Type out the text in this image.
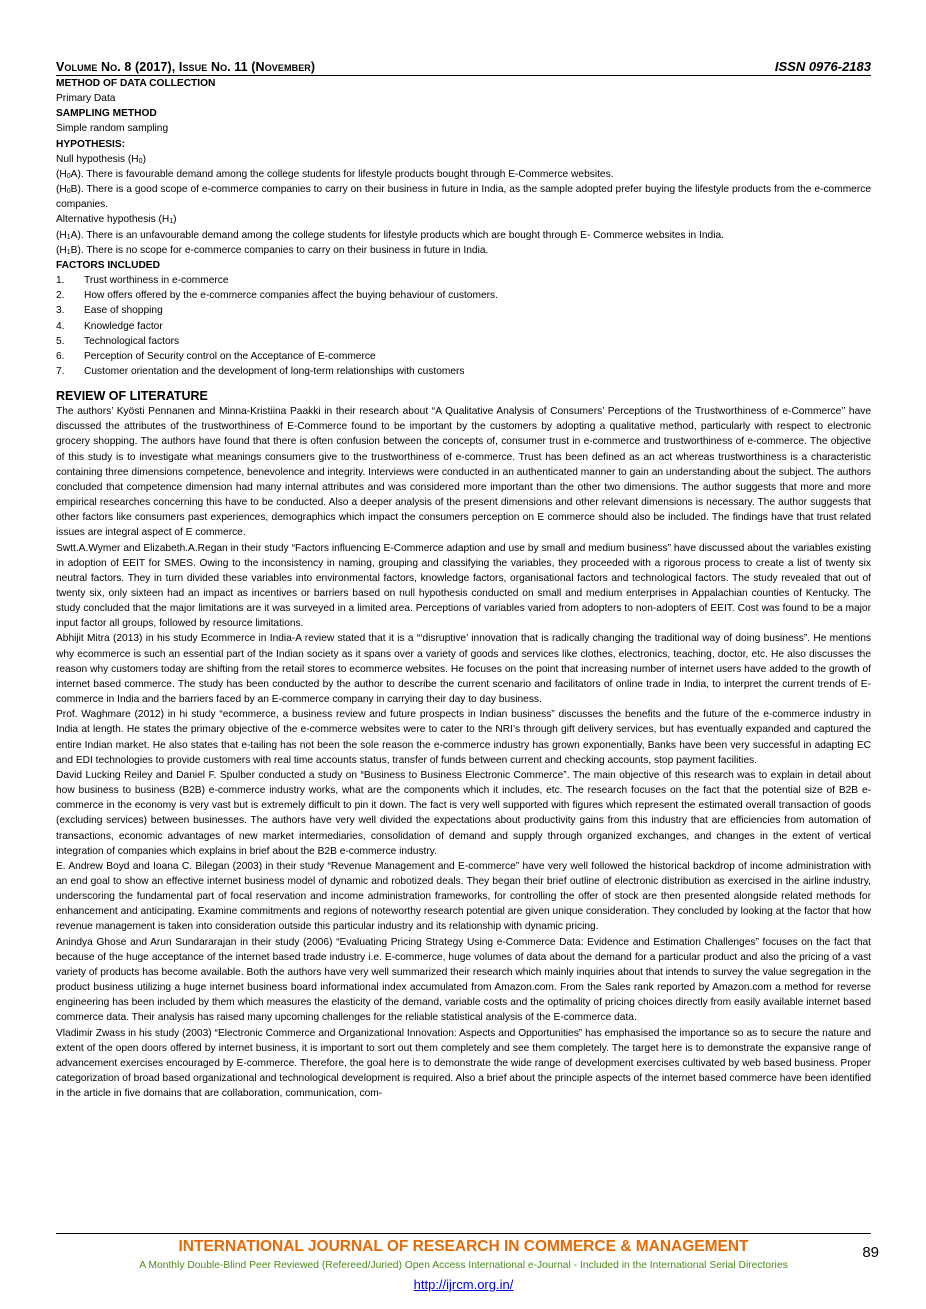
Volume No. 8 (2017), Issue No. 11 (November)	ISSN 0976-2183

METHOD OF DATA COLLECTION

Primary Data

SAMPLING METHOD

Simple random sampling

HYPOTHESIS:

Null hypothesis $(H_0)$

$(H_0A)$. There is favourable demand among the college students for lifestyle products bought through E-Commerce websites.

$(H_0B)$. There is a good scope of e-commerce companies to carry on their business in future in India, as the sample adopted prefer buying the lifestyle products from the e-commerce companies.

Alternative hypothesis $(H_1)$

$(H_1A)$. There is an unfavourable demand among the college students for lifestyle products which are bought through E- Commerce websites in India.

$(H_1B)$. There is no scope for e-commerce companies to carry on their business in future in India.

FACTORS INCLUDED

1.	Trust worthiness in e-commerce
2.	How offers offered by the e-commerce companies affect the buying behaviour of customers.
3.	Ease of shopping
4.	Knowledge factor
5.	Technological factors
6.	Perception of Security control on the Acceptance of E-commerce
7.	Customer orientation and the development of long-term relationships with customers
REVIEW OF LITERATURE

The authors’ Kyösti Pennanen and Minna-Kristiina Paakki in their research about “A Qualitative Analysis of Consumers’ Perceptions of the Trustworthiness of e-Commerce’’ have discussed the attributes of the trustworthiness of E-Commerce found to be important by the customers by adopting a qualitative method, particularly with respect to electronic grocery shopping. The authors have found that there is often confusion between the concepts of, consumer trust in e-commerce and trustworthiness of e-commerce. The objective of this study is to investigate what meanings consumers give to the trustworthiness of e-commerce. Trust has been defined as an act whereas trustworthiness is a characteristic containing three dimensions competence, benevolence and integrity. Interviews were conducted in an authenticated manner to gain an understanding about the subject. The authors concluded that competence dimension had many internal attributes and was considered more important than the other two dimensions. The author suggests that more and more empirical researches concerning this have to be conducted. Also a deeper analysis of the present dimensions and other relevant dimensions is necessary. The author suggests that other factors like consumers past experiences, demographics which impact the consumers perception on E commerce should also be included. The findings have that trust related issues are integral aspect of E commerce.

Swtt.A.Wymer and Elizabeth.A.Regan in their study “Factors influencing E-Commerce adaption and use by small and medium business” have discussed about the variables existing in adoption of EEIT for SMES. Owing to the inconsistency in naming, grouping and classifying the variables, they proceeded with a rigorous process to create a list of twenty six neutral factors. They in turn divided these variables into environmental factors, knowledge factors, organisational factors and technological factors. The study revealed that out of twenty six, only sixteen had an impact as incentives or barriers based on null hypothesis conducted on small and medium enterprises in Appalachian counties of Kentucky. The study concluded that the major limitations are it was surveyed in a limited area. Perceptions of variables varied from adopters to non-adopters of EEIT. Cost was found to be a major input factor all groups, followed by resource limitations.

Abhijit Mitra (2013) in his study Ecommerce in India-A review stated that it is a “‘disruptive’ innovation that is radically changing the traditional way of doing business”. He mentions why ecommerce is such an essential part of the Indian society as it spans over a variety of goods and services like clothes, electronics, teaching, doctor, etc. He also discusses the reason why customers today are shifting from the retail stores to ecommerce websites. He focuses on the point that increasing number of internet users have added to the growth of internet based commerce. The study has been conducted by the author to describe the current scenario and facilitators of online trade in India, to interpret the current trends of E-commerce in India and the barriers faced by an E-commerce company in carrying their day to day business.

Prof. Waghmare (2012) in hi study “ecommerce, a business review and future prospects in Indian business” discusses the benefits and the future of the e-commerce industry in India at length. He states the primary objective of the e-commerce websites were to cater to the NRI’s through gift delivery services, but has eventually expanded and captured the entire Indian market. He also states that e-tailing has not been the sole reason the e-commerce industry has grown exponentially, Banks have been very successful in adapting EC and EDI technologies to provide customers with real time accounts status, transfer of funds between current and checking accounts, stop payment facilities.

David Lucking Reiley and Daniel F. Spulber conducted a study on “Business to Business Electronic Commerce”. The main objective of this research was to explain in detail about how business to business (B2B) e-commerce industry works, what are the components which it includes, etc. The research focuses on the fact that the potential size of B2B e-commerce in the economy is very vast but is extremely difficult to pin it down. The fact is very well supported with figures which represent the estimated overall transaction of goods (excluding services) between businesses. The authors have very well divided the expectations about productivity gains from this industry that are efficiencies from automation of transactions, economic advantages of new market intermediaries, consolidation of demand and supply through organized exchanges, and changes in the extent of vertical integration of companies which explains in brief about the B2B e-commerce industry.

E. Andrew Boyd and Ioana C. Bilegan (2003) in their study “Revenue Management and E-commerce” have very well followed the historical backdrop of income administration with an end goal to show an effective internet business model of dynamic and robotized deals. They began their brief outline of electronic distribution as exercised in the airline industry, underscoring the fundamental part of focal reservation and income administration frameworks, for controlling the offer of stock are then presented alongside related methods for enhancement and anticipating. Examine commitments and regions of noteworthy research potential are given unique consideration. They concluded by looking at the factor that how revenue management is taken into consideration outside this particular industry and its relationship with dynamic pricing.

Anindya Ghose and Arun Sundararajan in their study (2006) “Evaluating Pricing Strategy Using e-Commerce Data: Evidence and Estimation Challenges” focuses on the fact that because of the huge acceptance of the internet based trade industry i.e. E-commerce, huge volumes of data about the demand for a particular product and also the pricing of a vast variety of products has become available. Both the authors have very well summarized their research which mainly inquiries about that intends to survey the value segregation in the product business utilizing a huge internet business board informational index accumulated from Amazon.com. From the Sales rank reported by Amazon.com a method for reverse engineering has been included by them which measures the elasticity of the demand, variable costs and the optimality of pricing choices directly from easily available internet based commerce data. Their analysis has raised many upcoming challenges for the reliable statistical analysis of the E-commerce data.

Vladimir Zwass in his study (2003) “Electronic Commerce and Organizational Innovation: Aspects and Opportunities” has emphasised the importance so as to secure the nature and extent of the open doors offered by internet business, it is important to sort out them completely and see them completely. The target here is to demonstrate the expansive range of advancement exercises encouraged by E-commerce. Therefore, the goal here is to demonstrate the wide range of development exercises cultivated by web based business. Proper categorization of broad based organizational and technological development is required. Also a brief about the principle aspects of the internet based commerce have been identified in the article in five domains that are collaboration, communication, com-

INTERNATIONAL JOURNAL OF RESEARCH IN COMMERCE & MANAGEMENT	89
A Monthly Double-Blind Peer Reviewed (Refereed/Juried) Open Access International e-Journal - Included in the International Serial Directories
http://ijrcm.org.in/
